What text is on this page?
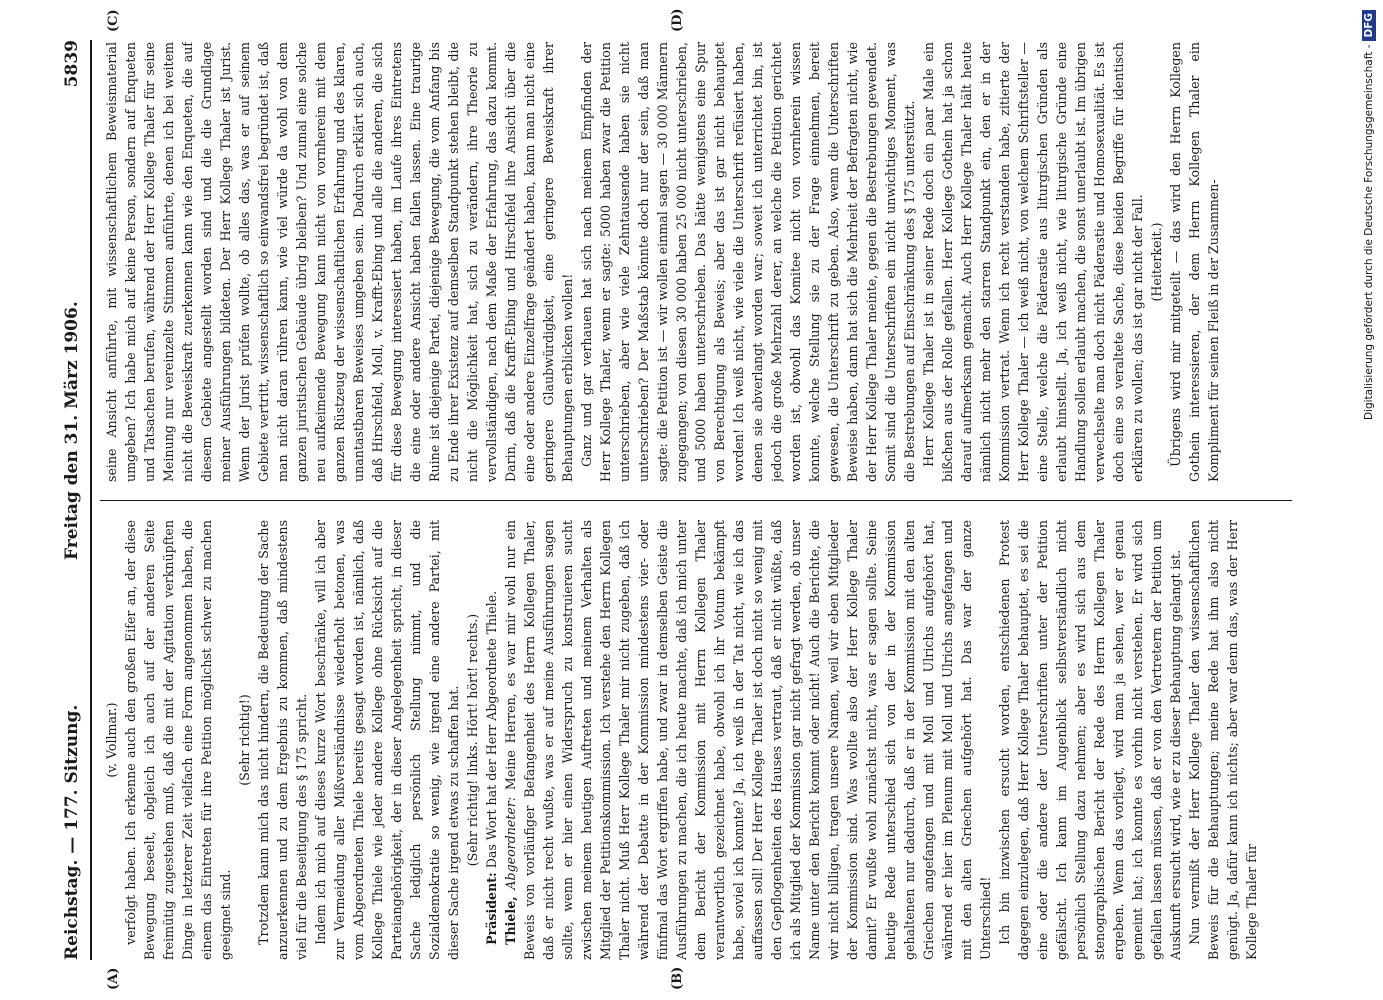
Reichstag. — 177. Sitzung.
Freitag den 31. März 1906.
5839
(A)	(B)
(C)	(D)

(v. Vollmar.) verfolgt haben. Ich erkenne auch den großen Eifer an, der diese Bewegung beseelt, obgleich ich auch auf der anderen Seite freimütig zugestehen muß, daß die mit der Agitation verknüpften Dinge in letzterer Zeit vielfach eine Form angenommen haben, die einem das Eintreten für ihre Petition möglichst schwer zu machen geeignet sind.

(Sehr richtig!) Trotzdem kann mich das nicht hindern, die Bedeutung der Sache anzuerkennen und zu dem Ergebnis zu kommen, daß mindestens viel für die Beseitigung des § 175 spricht. Indem ich mich auf dieses kurze Wort beschränke, will ich aber zur Vermeidung aller Mißverständnisse wiederholt betonen, was vom Abgeordneten Thiele bereits gesagt worden ist, nämlich, daß Kollege Thiele wie jeder andere Kollege ohne Rücksicht auf die Parteiangehörigkeit, der in dieser Angelegenheit spricht, in dieser Sache lediglich persönlich Stellung nimmt, und die Sozialdemokratie so wenig, wie irgend eine andere Partei, mit dieser Sache irgend etwas zu schaffen hat. (Sehr richtig! links. Hört! hört! rechts.)

Präsident: Das Wort hat der Herr Abgeordnete Thiele.

Thiele, Abgeordneter: Meine Herren, es war mir wohl nur ein Beweis von vorläufiger Befangenheit des Herrn Kollegen Thaler, daß er nicht recht wußte, was er auf meine Ausführungen sagen sollte, wenn er hier einen Widerspruch zu konstruieren sucht zwischen meinem heutigen Auftreten und meinem Verhalten als Mitglied der Petitionskommission. Ich verstehe den Herrn Kollegen Thaler nicht. Muß Herr Kollege Thaler mir nicht zugeben, daß ich während der Debatte in der Kommission mindestens vier- oder fünfmal das Wort ergriffen habe, und zwar in demselben Geiste die Ausführungen zu machen, die ich heute machte, daß ich mich unter dem Bericht der Kommission mit Herrn Kollegen Thaler verantwortlich gezeichnet habe, obwohl ich ihr Votum bekämpft habe, soviel ich konnte? Ja, ich weiß in der Tat nicht, wie ich das auffassen soll! Der Herr Kollege Thaler ist doch nicht so wenig mit den Gepflogenheiten des Hauses vertraut, daß er nicht wüßte, daß ich als Mitglied der Kommission gar nicht gefragt werden, ob unser Name unter den Bericht kommt oder nicht! Auch die Berichte, die wir nicht billigen, tragen unsere Namen, weil wir eben Mitglieder der Kommission sind. Was wollte also der Herr Kollege Thaler damit? Er wußte wohl zunächst nicht, was er sagen sollte. Seine heutige Rede unterschied sich von der in der Kommission gehaltenen nur dadurch, daß er in der Kommission mit den alten Griechen angefangen und mit Moll und Ulrichs aufgehört hat, während er hier im Plenum mit Moll und Ulrichs angefangen und mit den alten Griechen aufgehört hat. Das war der ganze Unterschied! Ich bin inzwischen ersucht worden, entschiedenen Protest dagegen einzulegen, daß Herr Kollege Thaler behauptet, es sei die eine oder die andere der Unterschriften unter der Petition gefälscht. Ich kann im Augenblick selbstverständlich nicht persönlich Stellung dazu nehmen; aber es wird sich aus dem stenographischen Bericht der Rede des Herrn Kollegen Thaler ergeben. Wenn das vorliegt, wird man ja sehen, wer er genau gemeint hat; ich konnte es vorhin nicht verstehen. Er wird sich gefallen lassen müssen, daß er von den Vertretern der Petition um Auskunft ersucht wird, wie er zu dieser Behauptung gelangt ist. Nun vermißt der Herr Kollege Thaler den wissenschaftlichen Beweis für die Behauptungen; meine Rede hat ihm also nicht genügt. Ja, dafür kann ich nichts; aber war denn das, was der Herr Kollege Thaler für

seine Ansicht anführte, mit wissenschaftlichem Beweismaterial umgeben? Ich habe mich auf keine Person, sondern auf Enqueten und Tatsachen berufen, während der Herr Kollege Thaler für seine Meinung nur vereinzelte Stimmen anführte, denen ich bei weitem nicht die Beweiskraft zuerkennen kann wie den Enqueten, die auf diesem Gebiete angestellt worden sind und die die Grundlage meiner Ausführungen bildeten. Der Herr Kollege Thaler ist Jurist. Wenn der Jurist prüfen wollte, ob alles das, was er auf seinem Gebiete vertritt, wissenschaftlich so einwandsfrei begründet ist, daß man nicht daran rühren kann, wie viel würde da wohl von dem ganzen juristischen Gebäude übrig bleiben? Und zumal eine solche neu aufkeimende Bewegung kann nicht von vornherein mit dem ganzen Rüstzeug der wissenschaftlichen Erfahrung und des klaren, unantastbaren Beweises umgeben sein. Dadurch erklärt sich auch, daß Hirschfeld, Moll, v. Krafft-Ebing und alle die anderen, die sich für diese Bewegung interessiert haben, im Laufe ihres Eintretens die eine oder andere Ansicht haben fallen lassen. Eine traurige Ruine ist diejenige Partei, diejenige Bewegung, die vom Anfang bis zu Ende ihrer Existenz auf demselben Standpunkt stehen bleibt, die nicht die Möglichkeit hat, sich zu verändern, ihre Theorie zu vervollständigen, nach dem Maße der Erfahrung, das dazu kommt. Darin, daß die Krafft-Ebing und Hirschfeld ihre Ansicht über die eine oder andere Einzelfrage geändert haben, kann man nicht eine geringere Glaubwürdigkeit, eine geringere Beweiskraft ihrer Behauptungen erblicken wollen! Ganz und gar verhauen hat sich nach meinem Empfinden der Herr Kollege Thaler, wenn er sagte: 5000 haben zwar die Petition unterschrieben, aber wie viele Zehntausende haben sie nicht unterschrieben? Der Maßstab könnte doch nur der sein, daß man sagte: die Petition ist — wir wollen einmal sagen — 30 000 Männern zugegangen; von diesen 30 000 haben 25 000 nicht unterschrieben, und 5000 haben unterschrieben. Das hätte wenigstens eine Spur von Berechtigung als Beweis; aber das ist gar nicht behauptet worden! Ich weiß nicht, wie viele die Unterschrift refüsiert haben, denen sie abverlangt worden war; soweit ich unterrichtet bin, ist jedoch die große Mehrzahl derer, an welche die Petition gerichtet worden ist, obwohl das Komitee nicht von vornherein wissen konnte, welche Stellung sie zu der Frage einnehmen, bereit gewesen, die Unterschrift zu geben. Also, wenn die Unterschriften Beweise haben, dann hat sich die Mehrheit der Befragten nicht, wie der Herr Kollege Thaler meinte, gegen die Bestrebungen gewendet. Somit sind die Unterschriften ein nicht unwichtiges Moment, was die Bestrebungen auf Einschränkung des § 175 unterstützt. Herr Kollege Thaler ist in seiner Rede doch ein paar Male ein bißchen aus der Rolle gefallen. Herr Kollege Gothein hat ja schon darauf aufmerksam gemacht. Auch Herr Kollege Thaler hält heute nämlich nicht mehr den starren Standpunkt ein, den er in der Kommission vertrat. Wenn ich recht verstanden habe, zitierte der Herr Kollege Thaler — ich weiß nicht, von welchem Schriftsteller — eine Stelle, welche die Päderastie aus liturgischen Gründen als erlaubt hinstellt. Ja, ich weiß nicht, wie liturgische Gründe eine Handlung sollen erlaubt machen, die sonst unerlaubt ist. Im übrigen verwechselte man doch nicht Päderastie und Homosexualität. Es ist doch eine so veraltete Sache, diese beiden Begriffe für identisch erklären zu wollen; das ist gar nicht der Fall. (Heiterkeit.) Übrigens wird mir mitgeteilt — das wird den Herrn Kollegen Gothein interessieren, der dem Herrn Kollegen Thaler ein Kompliment für seinen Fleiß in der Zusammen-	Digitalisierung gefördert durch die Deutsche Forschungsgemeinschaft -DFG
